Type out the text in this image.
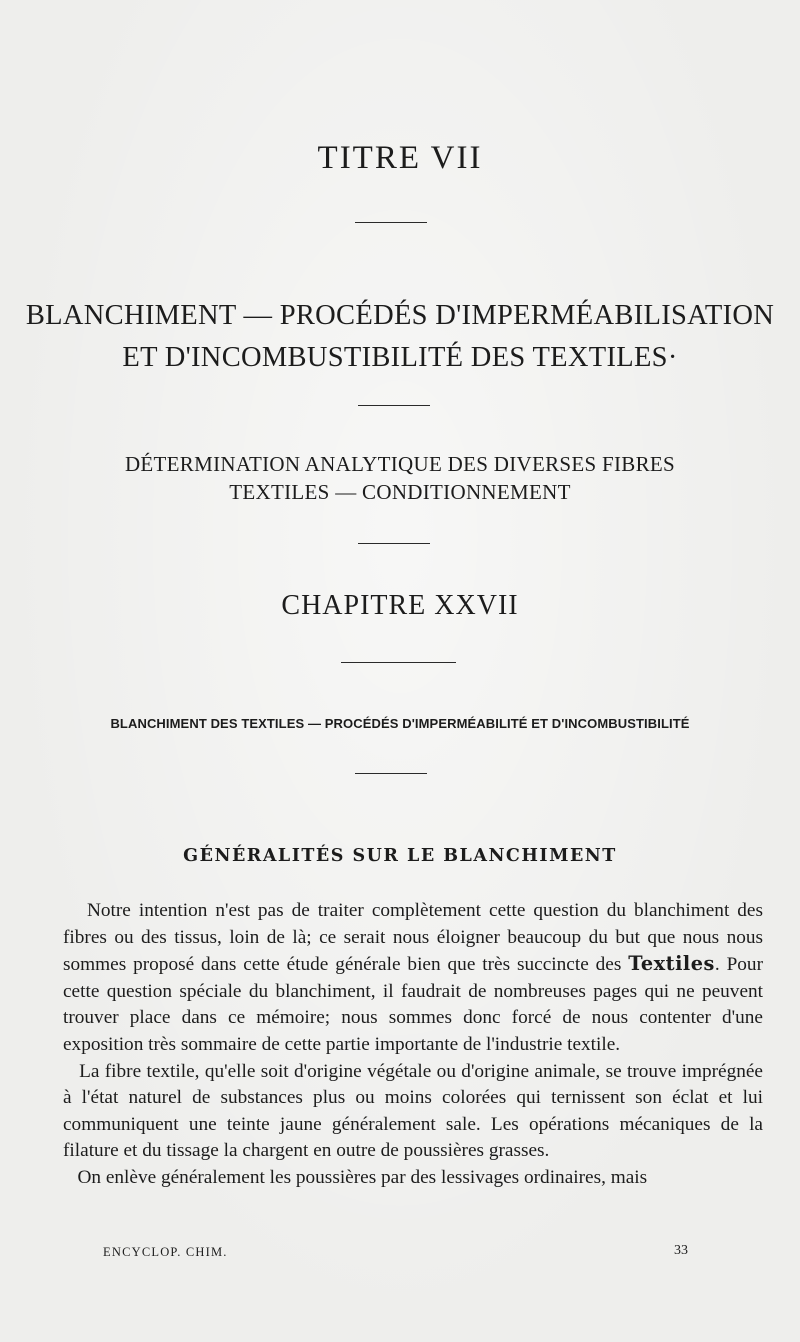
TITRE VII
BLANCHIMENT — PROCÉDÉS D'IMPERMÉABILISATION
ET D'INCOMBUSTIBILITÉ DES TEXTILES·
DÉTERMINATION ANALYTIQUE DES DIVERSES FIBRES
TEXTILES — CONDITIONNEMENT
CHAPITRE XXVII
BLANCHIMENT DES TEXTILES — PROCÉDÉS D'IMPERMÉABILITÉ ET D'INCOMBUSTIBILITÉ
GÉNÉRALITÉS SUR LE BLANCHIMENT

Notre intention n'est pas de traiter complètement cette question du blanchiment des fibres ou des tissus, loin de là; ce serait nous éloigner beaucoup du but que nous nous sommes proposé dans cette étude générale bien que très succincte des Textiles. Pour cette question spéciale du blanchiment, il faudrait de nombreuses pages qui ne peuvent trouver place dans ce mémoire; nous sommes donc forcé de nous contenter d'une exposition très sommaire de cette partie importante de l'industrie textile.

La fibre textile, qu'elle soit d'origine végétale ou d'origine animale, se trouve imprégnée à l'état naturel de substances plus ou moins colorées qui ternissent son éclat et lui communiquent une teinte jaune généralement sale. Les opérations mécaniques de la filature et du tissage la chargent en outre de poussières grasses.

On enlève généralement les poussières par des lessivages ordinaires, mais

ENCYCLOP. CHIM.	33
